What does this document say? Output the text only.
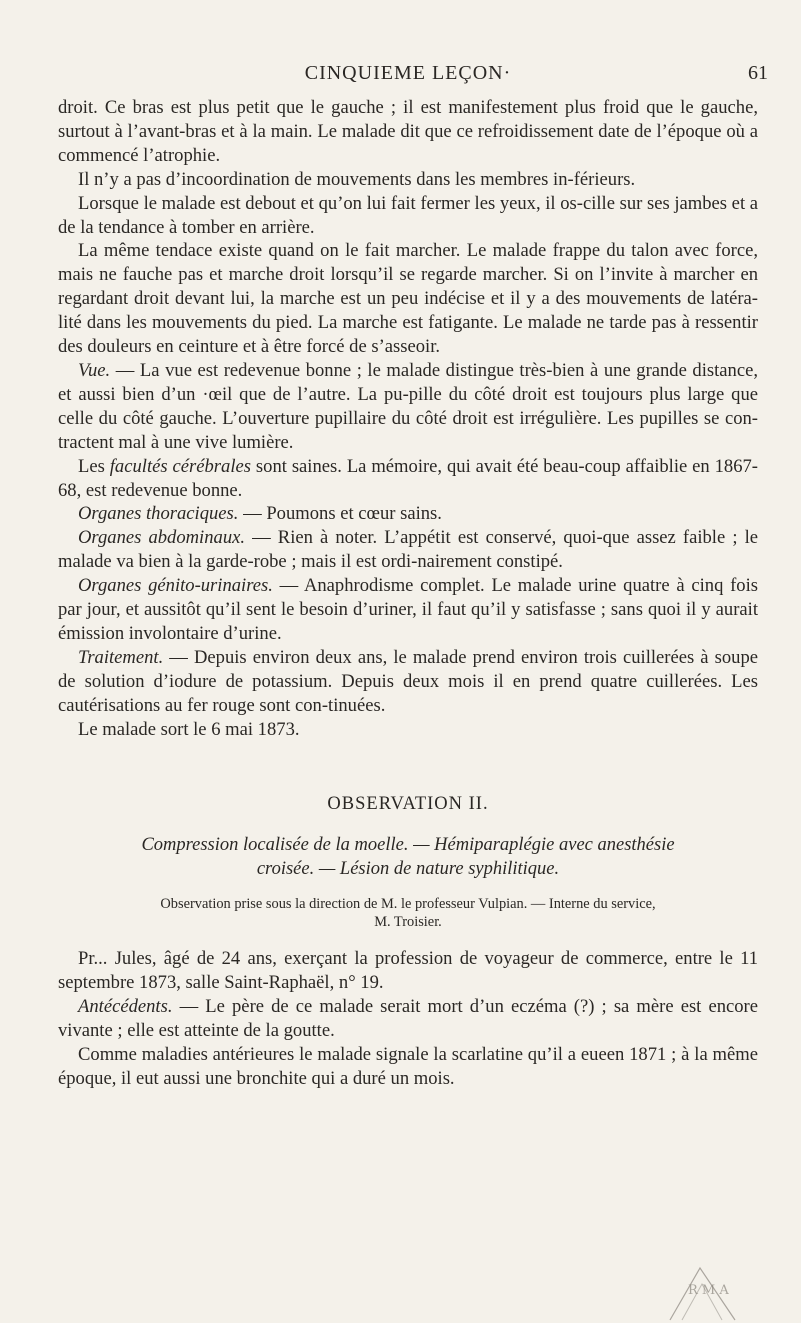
CINQUIEME LEÇON·	61

droit. Ce bras est plus petit que le gauche ; il est manifestement plus froid que le gauche, surtout à l’avant-bras et à la main. Le malade dit que ce refroidissement date de l’époque où a commencé l’atrophie.

Il n’y a pas d’incoordination de mouvements dans les membres in-férieurs.

Lorsque le malade est debout et qu’on lui fait fermer les yeux, il os-cille sur ses jambes et a de la tendance à tomber en arrière.

La même tendace existe quand on le fait marcher. Le malade frappe du talon avec force, mais ne fauche pas et marche droit lorsqu’il se regarde marcher. Si on l’invite à marcher en regardant droit devant lui, la marche est un peu indécise et il y a des mouvements de latéra-lité dans les mouvements du pied. La marche est fatigante. Le malade ne tarde pas à ressentir des douleurs en ceinture et à être forcé de s’asseoir.

Vue. — La vue est redevenue bonne ; le malade distingue très-bien à une grande distance, et aussi bien d’un ·œil que de l’autre. La pu-pille du côté droit est toujours plus large que celle du côté gauche. L’ouverture pupillaire du côté droit est irrégulière. Les pupilles se con-tractent mal à une vive lumière.

Les facultés cérébrales sont saines. La mémoire, qui avait été beau-coup affaiblie en 1867-68, est redevenue bonne.

Organes thoraciques. — Poumons et cœur sains.

Organes abdominaux. — Rien à noter. L’appétit est conservé, quoi-que assez faible ; le malade va bien à la garde-robe ; mais il est ordi-nairement constipé.

Organes génito-urinaires. — Anaphrodisme complet. Le malade urine quatre à cinq fois par jour, et aussitôt qu’il sent le besoin d’uriner, il faut qu’il y satisfasse ; sans quoi il y aurait émission involontaire d’urine.

Traitement. — Depuis environ deux ans, le malade prend environ trois cuillerées à soupe de solution d’iodure de potassium. Depuis deux mois il en prend quatre cuillerées. Les cautérisations au fer rouge sont con-tinuées.

Le malade sort le 6 mai 1873.

OBSERVATION II.
Compression localisée de la moelle. — Hémiparaplégie avec anesthésie
croisée. — Lésion de nature syphilitique.
Observation prise sous la direction de M. le professeur Vulpian. — Interne du service,
M. Troisier.

Pr... Jules, âgé de 24 ans, exerçant la profession de voyageur de commerce, entre le 11 septembre 1873, salle Saint-Raphaël, n° 19.

Antécédents. — Le père de ce malade serait mort d’un eczéma (?) ; sa mère est encore vivante ; elle est atteinte de la goutte.

Comme maladies antérieures le malade signale la scarlatine qu’il a eueen 1871 ; à la même époque, il eut aussi une bronchite qui a duré un mois.

R M A
